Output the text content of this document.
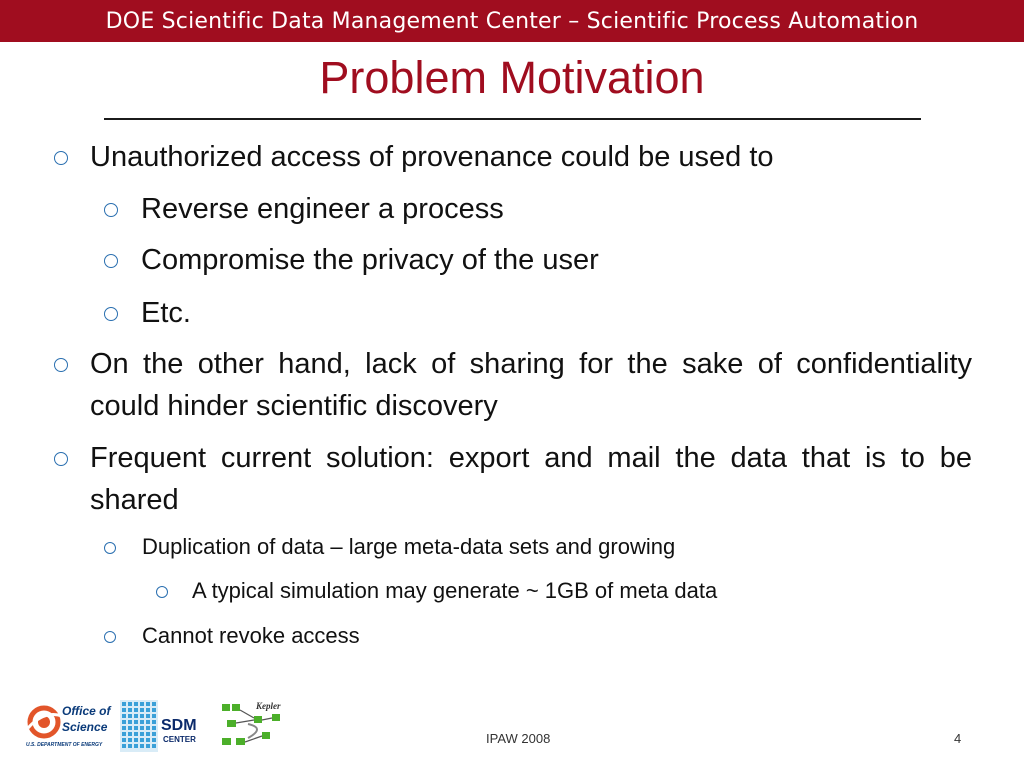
DOE Scientific Data Management Center – Scientific Process Automation
Problem Motivation
Unauthorized access of provenance could be used to
Reverse engineer a process
Compromise the privacy of the user
Etc.
On the other hand, lack of sharing for the sake of confidentiality could hinder scientific discovery
Frequent current solution: export and mail the data that is to be shared
Duplication of data – large meta-data sets and growing
A typical simulation may generate ~ 1GB of meta data
Cannot revoke access
Office of
Science
U.S. DEPARTMENT OF ENERGY
SDM
CENTER
Kepler
IPAW 2008	4
